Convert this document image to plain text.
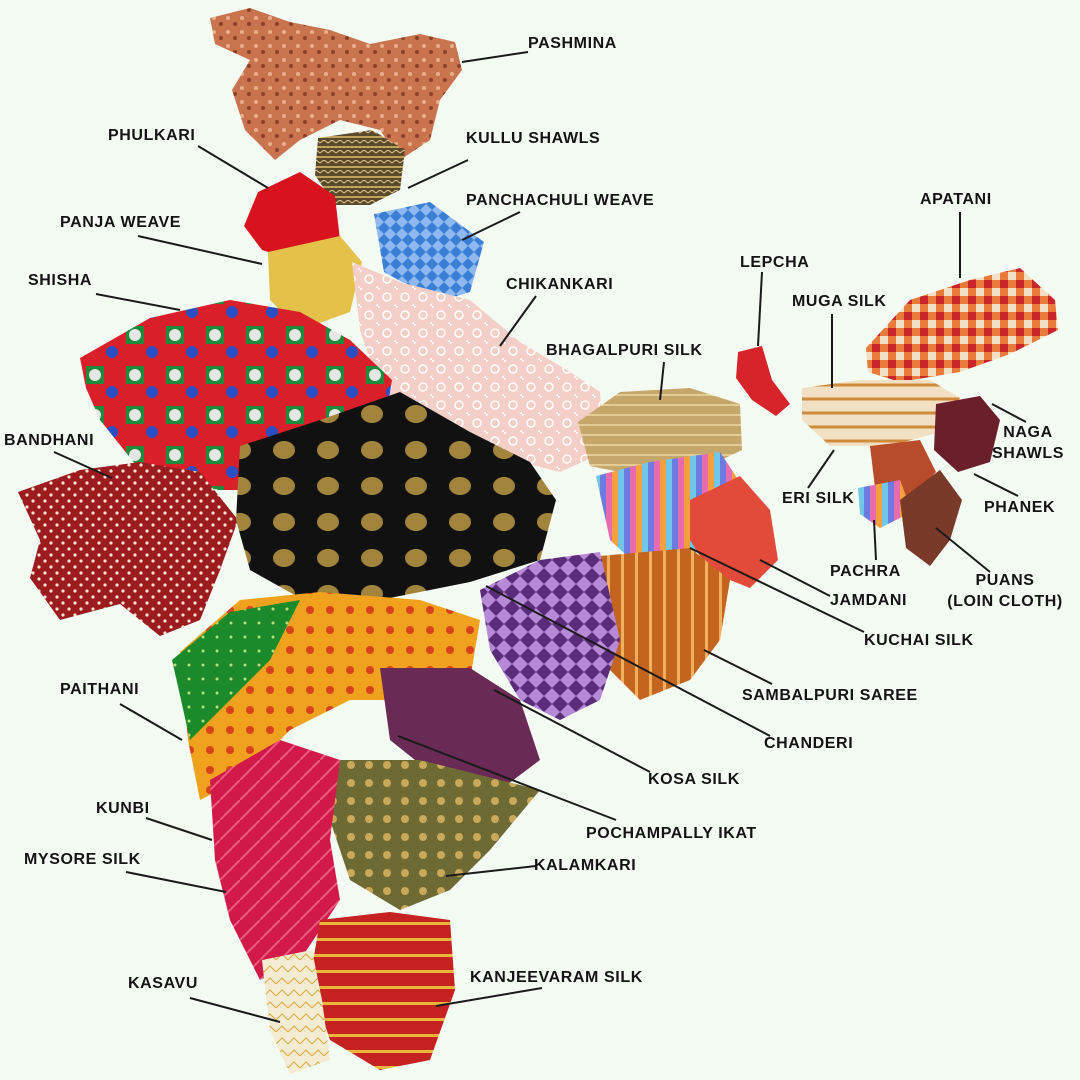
PASHMINA
PHULKARI	KULLU SHAWLS
PANCHACHULI WEAVE
PANJA WEAVE
SHISHA	CHIKANKARI
APATANI
LEPCHA
MUGA SILK
BHAGALPURI SILK
BANDHANI	NAGA
SHAWLS
ERI SILK
PHANEK
PACHRA
PUANS
(LOIN CLOTH)
JAMDANI
KUCHAI SILK
PAITHANI	SAMBALPURI SAREE
CHANDERI
KOSA SILK
KUNBI
POCHAMPALLY IKAT
MYSORE SILK	KALAMKARI
KASAVU	KANJEEVARAM SILK
